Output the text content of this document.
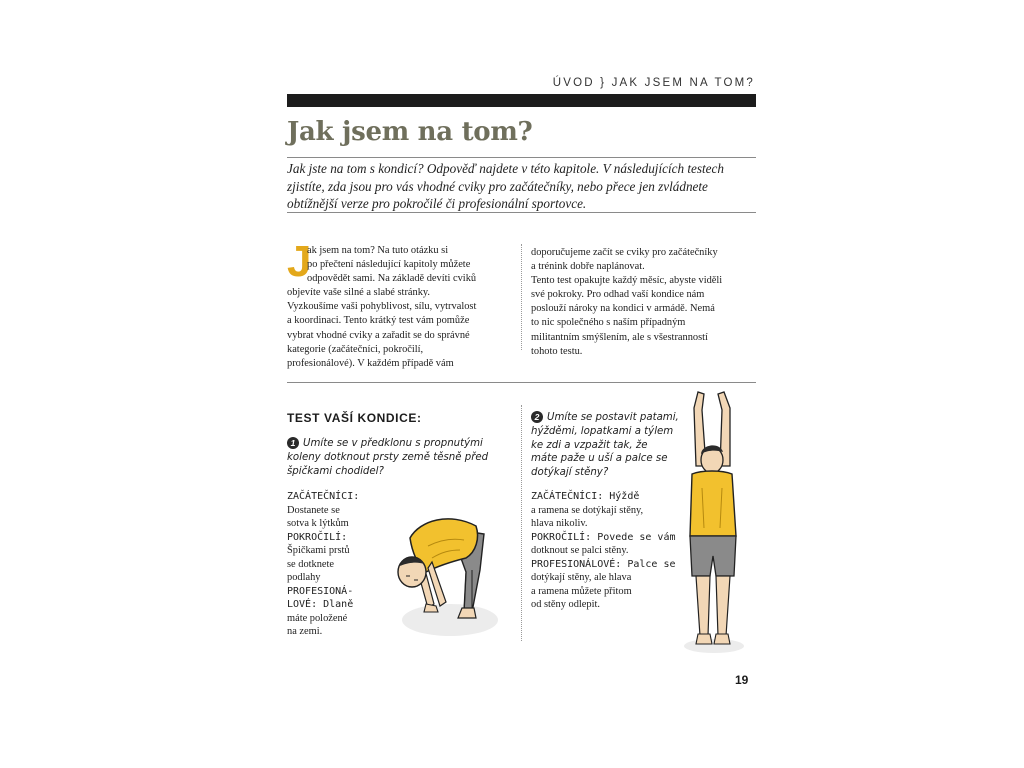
ÚVOD } JAK JSEM NA TOM?
Jak jsem na tom?

Jak jste na tom s kondicí? Odpověď najdete v této kapitole. V následujících testech zjistíte, zda jsou pro vás vhodné cviky pro začátečníky, nebo přece jen zvládnete obtížnější verze pro pokročilé či profesionální sportovce.

J
ak jsem na tom? Na tuto otázku si
po přečtení následující kapitoly můžete
odpovědět sami. Na základě devíti cviků
objevíte vaše silné a slabé stránky.
Vyzkoušíme vaši pohyblivost, sílu, vytrvalost
a koordinaci. Tento krátký test vám pomůže
vybrat vhodné cviky a zařadit se do správné
kategorie (začátečníci, pokročilí,
profesionálové). V každém případě vám
doporučujeme začít se cviky pro začátečníky
a trénink dobře naplánovat.
Tento test opakujte každý měsíc, abyste viděli
své pokroky. Pro odhad vaší kondice nám
poslouží nároky na kondici v armádě. Nemá
to nic společného s naším případným
militantním smýšlením, ale s všestranností
tohoto testu.
TEST VAŠÍ KONDICE:

1 Umíte se v předklonu s propnutými
koleny dotknout prsty země těsně před
špičkami chodidel?

ZAČÁTEČNÍCI:
Dostanete se
sotva k lýtkům
POKROČILÍ:
Špičkami prstů
se dotknete
podlahy
PROFESIONÁ-
LOVÉ: Dlaně
máte položené
na zemi.

2 Umíte se postavit patami,
hýžděmi, lopatkami a týlem
ke zdi a vzpažit tak, že
máte paže u uší a palce se
dotýkají stěny?

ZAČÁTEČNÍCI: Hýždě
a ramena se dotýkají stěny,
hlava nikoliv.
POKROČILÍ: Povede se vám
dotknout se palci stěny.
PROFESIONÁLOVÉ: Palce se
dotýkají stěny, ale hlava
a ramena můžete přitom
od stěny odlepit.

19
